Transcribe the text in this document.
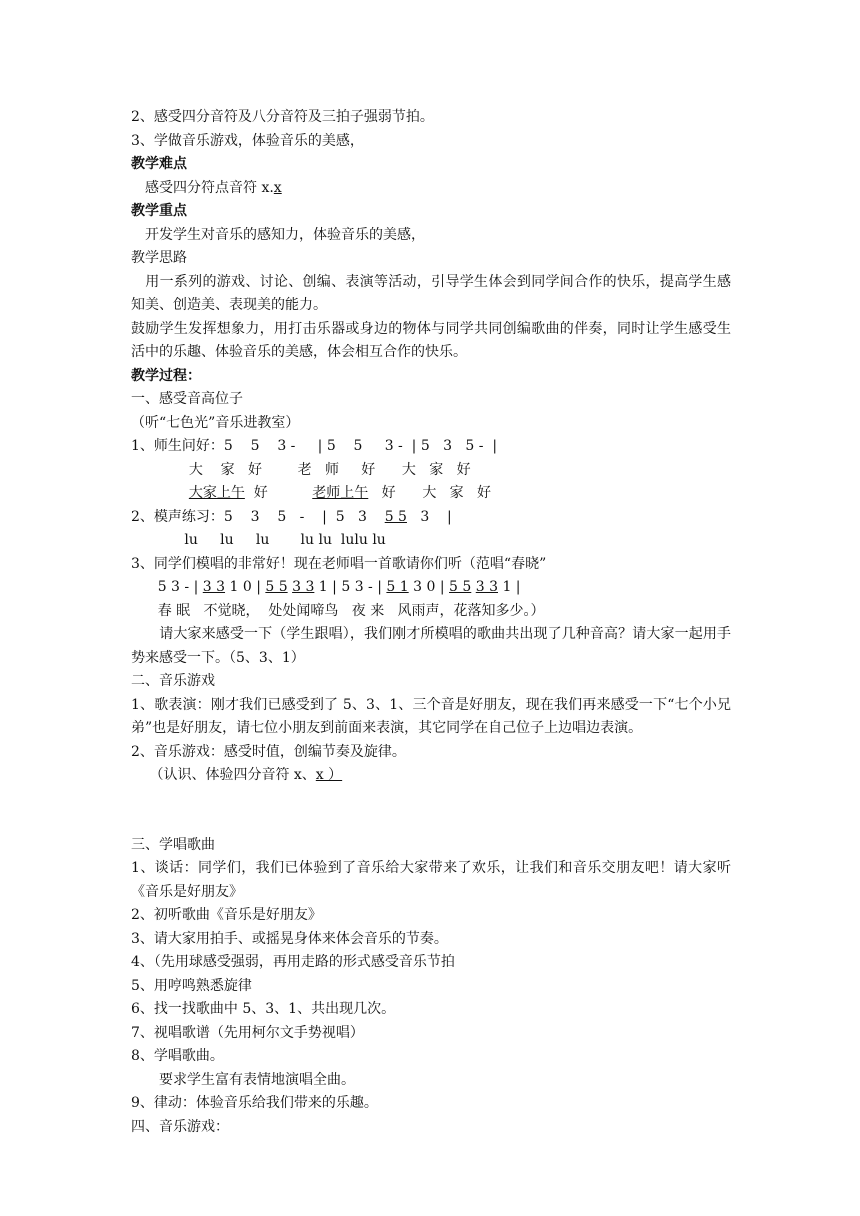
2、感受四分音符及八分音符及三拍子强弱节拍。
3、学做音乐游戏，体验音乐的美感，
教学难点
　感受四分符点音符 x.x
教学重点
　开发学生对音乐的感知力，体验音乐的美感，
教学思路
　用一系列的游戏、讨论、创编、表演等活动，引导学生体会到同学间合作的快乐，提高学生感知美、创造美、表现美的能力。
鼓励学生发挥想象力，用打击乐器或身边的物体与同学共同创编歌曲的伴奏，同时让学生感受生活中的乐趣、体验音乐的美感，体会相互合作的快乐。
教学过程：
一、感受音高位子
（听“七色光”音乐进教室）
1、师生问好：5    5    3 -     | 5    5     3 -  | 5   3   5 -  |
大    家   好        老   师     好      大   家   好
大家上午  好          老师上午   好      大   家   好
2、模声练习：5    3    5   -    |  5   3    5 5   3    |
lu     lu     lu       lu lu  lulu lu
3、同学们模唱的非常好！现在老师唱一首歌请你们听（范唱“春晓”
5 3 - | 3 3 1 0 | 5 5 3 3 1 | 5 3 - | 5 1 3 0 | 5 5 3 3 1 |
春 眠   不觉晓，  处处闻啼鸟   夜 来   风雨声，花落知多少。）
　　请大家来感受一下（学生跟唱），我们刚才所模唱的歌曲共出现了几种音高？请大家一起用手势来感受一下。（5、3、1）
二、音乐游戏
1、歌表演：刚才我们已感受到了 5、3、1、三个音是好朋友，现在我们再来感受一下“七个小兄弟”也是好朋友，请七位小朋友到前面来表演，其它同学在自己位子上边唱边表演。
2、音乐游戏：感受时值，创编节奏及旋律。
　 （认识、体验四分音符 x、x ）
三、学唱歌曲
1、谈话：同学们，我们已体验到了音乐给大家带来了欢乐，让我们和音乐交朋友吧！请大家听《音乐是好朋友》
2、初听歌曲《音乐是好朋友》
3、请大家用拍手、或摇晃身体来体会音乐的节奏。
4、（先用球感受强弱，再用走路的形式感受音乐节拍
5、用哼鸣熟悉旋律
6、找一找歌曲中 5、3、1、共出现几次。
7、视唱歌谱（先用柯尔文手势视唱）
8、学唱歌曲。
　　要求学生富有表情地演唱全曲。
9、律动：体验音乐给我们带来的乐趣。
四、音乐游戏：
